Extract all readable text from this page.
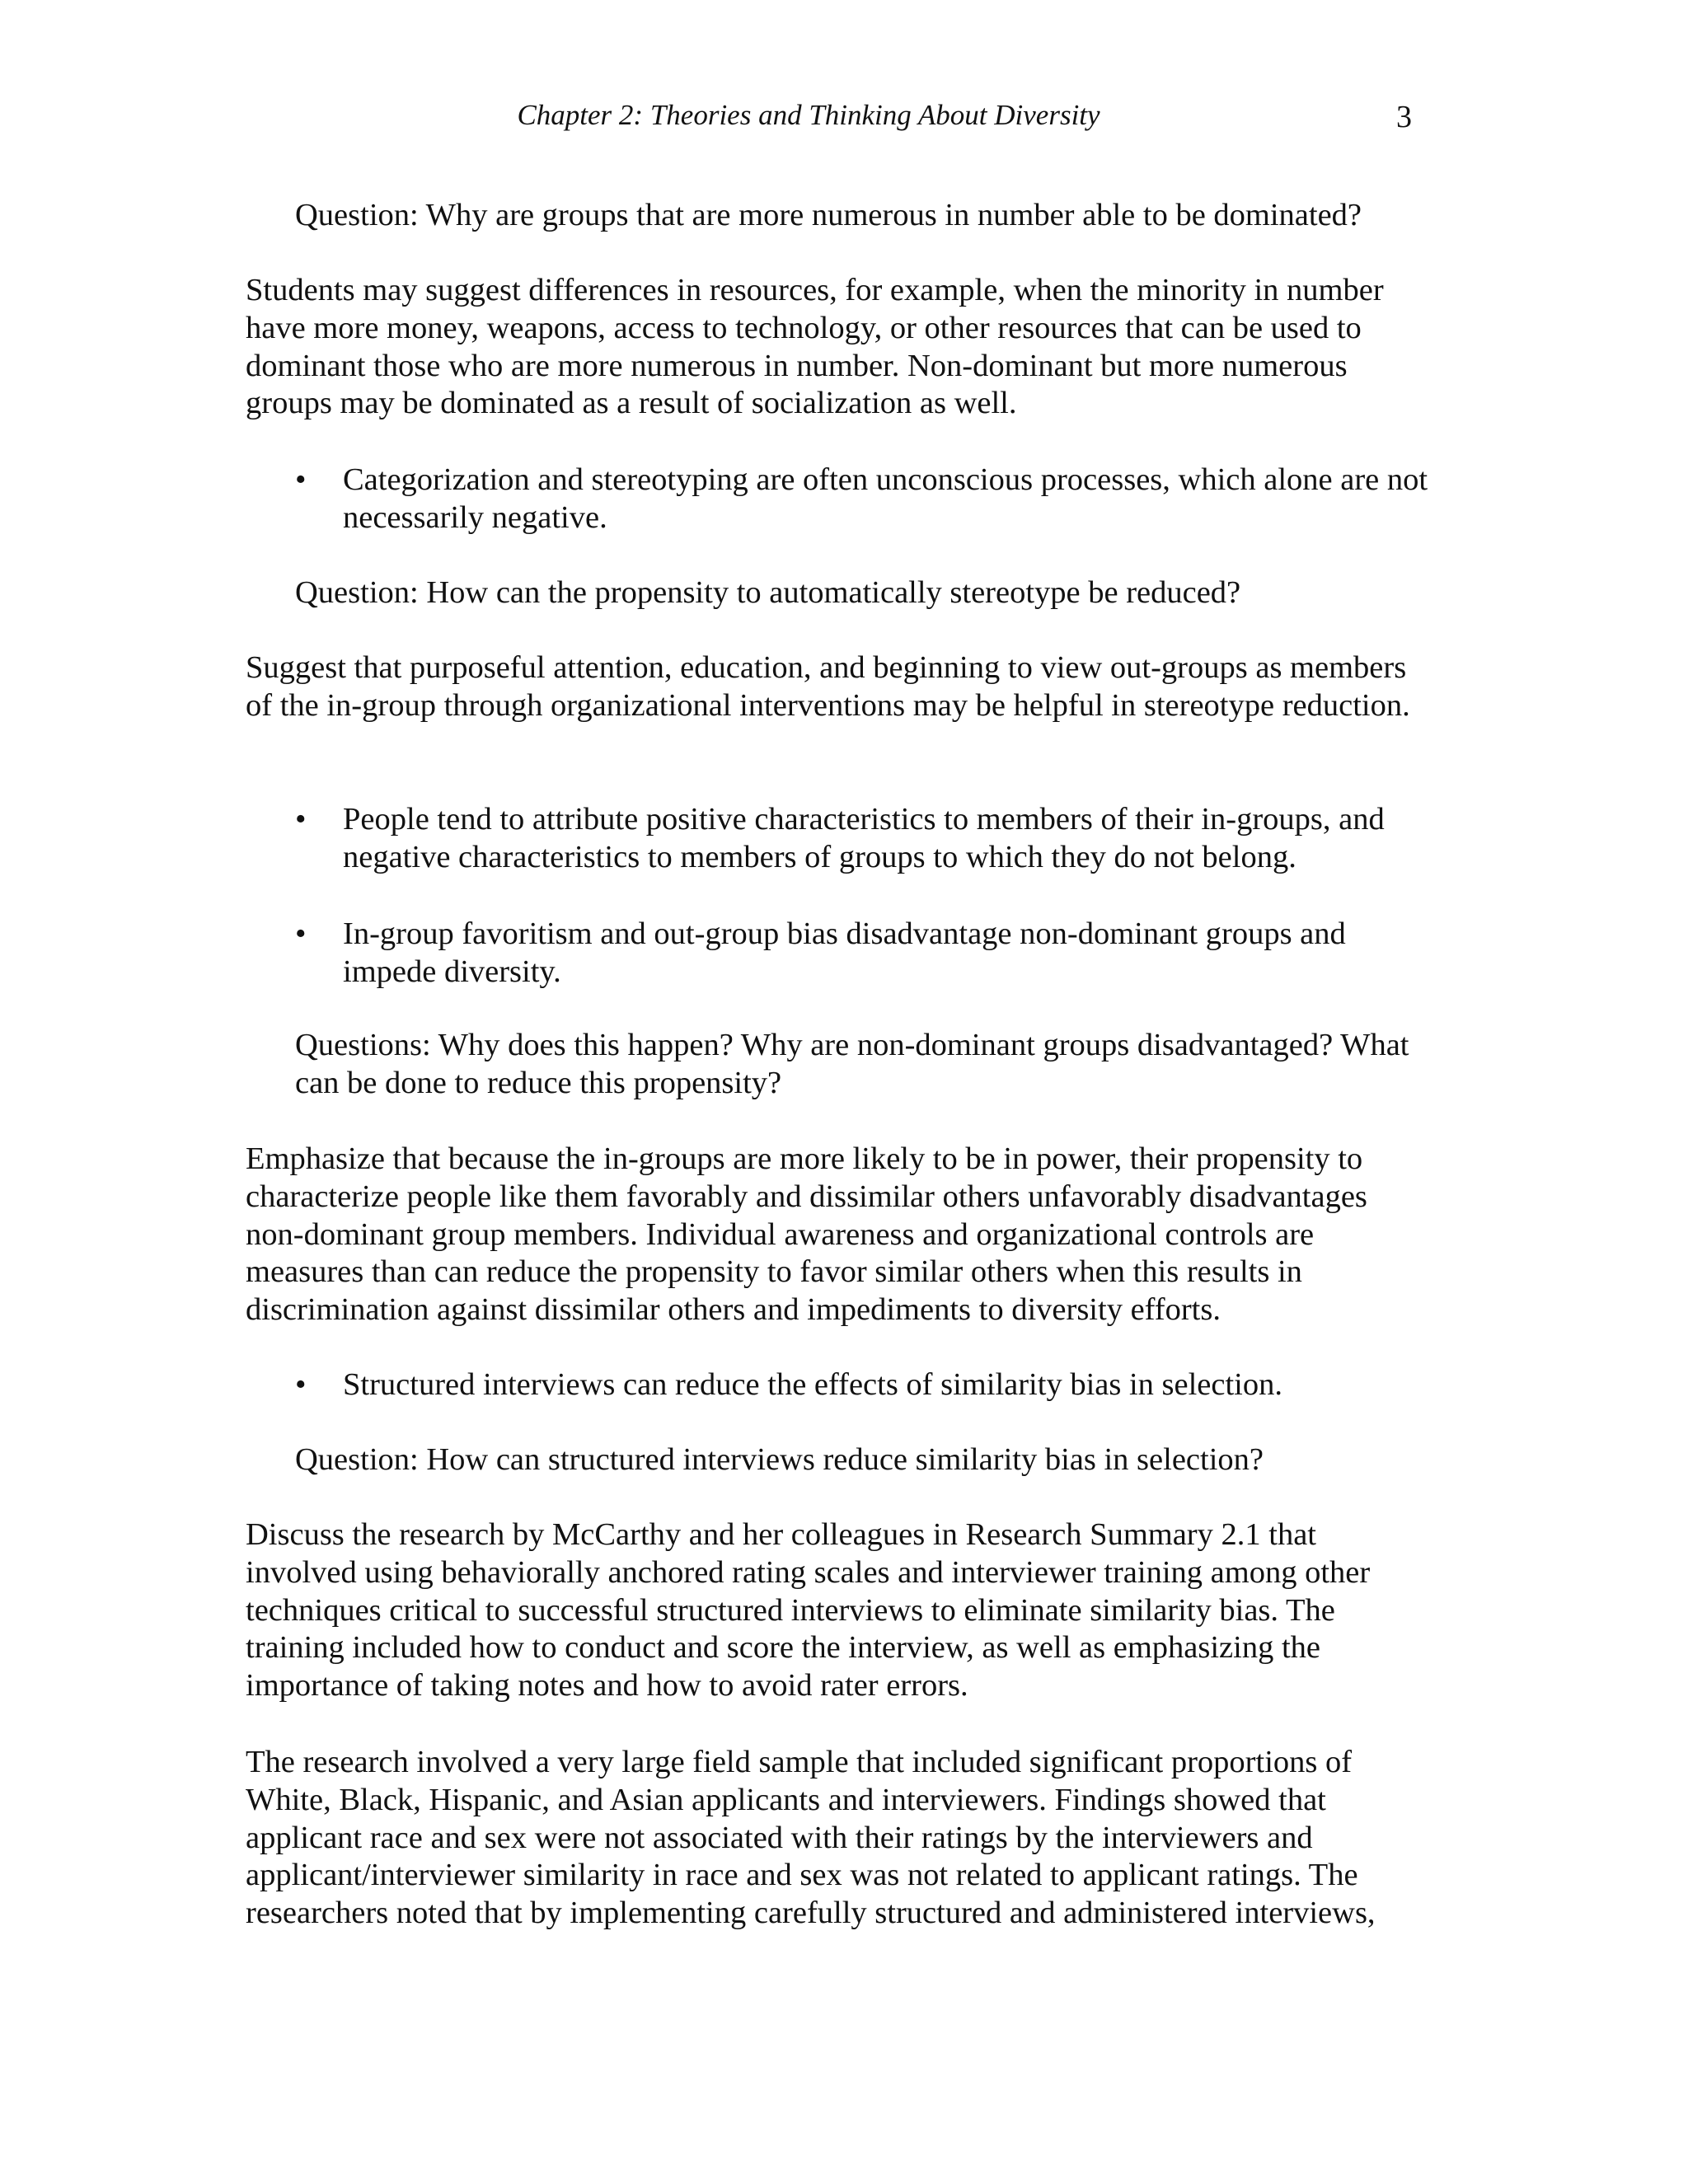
Chapter 2: Theories and Thinking About Diversity	3

Question: Why are groups that are more numerous in number able to be dominated?

Students may suggest differences in resources, for example, when the minority in number have more money, weapons, access to technology, or other resources that can be used to dominant those who are more numerous in number. Non-dominant but more numerous groups may be dominated as a result of socialization as well.

•	Categorization and stereotyping are often unconscious processes, which alone are not necessarily negative.

Question: How can the propensity to automatically stereotype be reduced?

Suggest that purposeful attention, education, and beginning to view out-groups as members of the in-group through organizational interventions may be helpful in stereotype reduction.

•	People tend to attribute positive characteristics to members of their in-groups, and negative characteristics to members of groups to which they do not belong.
•	In-group favoritism and out-group bias disadvantage non-dominant groups and impede diversity.

Questions: Why does this happen? Why are non-dominant groups disadvantaged? What can be done to reduce this propensity?

Emphasize that because the in-groups are more likely to be in power, their propensity to characterize people like them favorably and dissimilar others unfavorably disadvantages non-dominant group members. Individual awareness and organizational controls are measures than can reduce the propensity to favor similar others when this results in discrimination against dissimilar others and impediments to diversity efforts.

•	Structured interviews can reduce the effects of similarity bias in selection.

Question: How can structured interviews reduce similarity bias in selection?

Discuss the research by McCarthy and her colleagues in Research Summary 2.1 that involved using behaviorally anchored rating scales and interviewer training among other techniques critical to successful structured interviews to eliminate similarity bias. The training included how to conduct and score the interview, as well as emphasizing the importance of taking notes and how to avoid rater errors.

The research involved a very large field sample that included significant proportions of White, Black, Hispanic, and Asian applicants and interviewers. Findings showed that applicant race and sex were not associated with their ratings by the interviewers and applicant/interviewer similarity in race and sex was not related to applicant ratings. The researchers noted that by implementing carefully structured and administered interviews,
